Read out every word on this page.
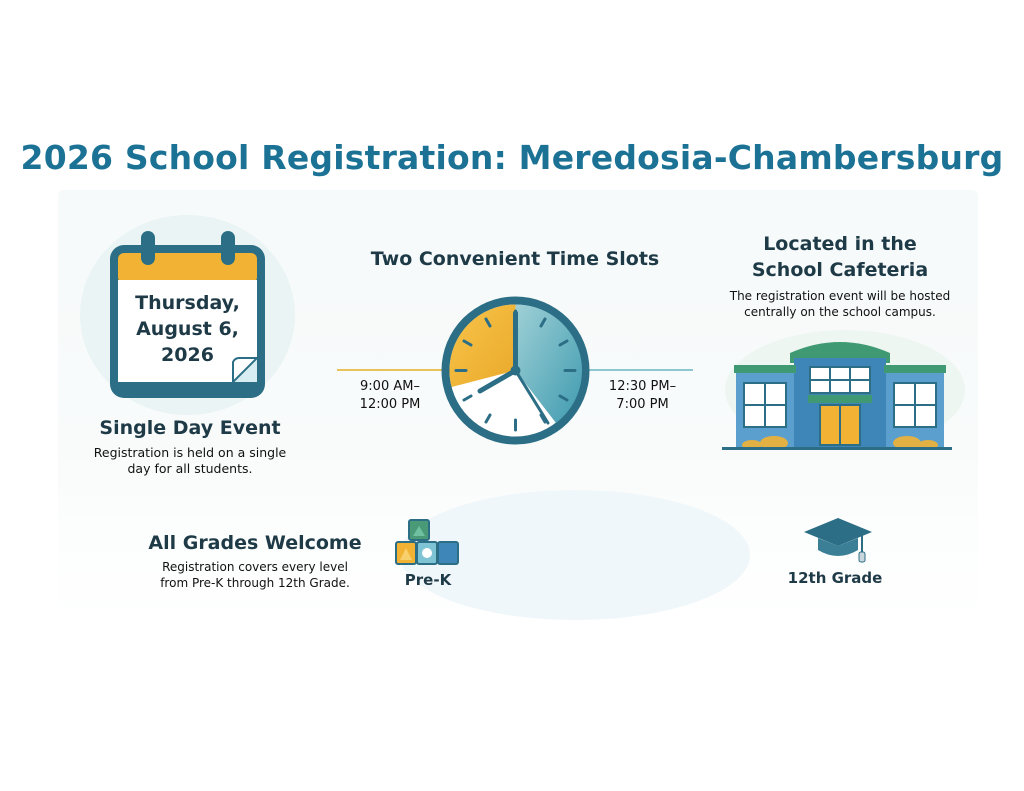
2026 School Registration: Meredosia-Chambersburg
Thursday,
August 6,
2026
Single Day Event
Registration is held on a single
day for all students.
Two Convenient Time Slots
9:00 AM–
12:00 PM
12:30 PM–
7:00 PM
Located in the
School Cafeteria
The registration event will be hosted
centrally on the school campus.
All Grades Welcome
Registration covers every level
from Pre-K through 12th Grade.	Pre-K	12th Grade
